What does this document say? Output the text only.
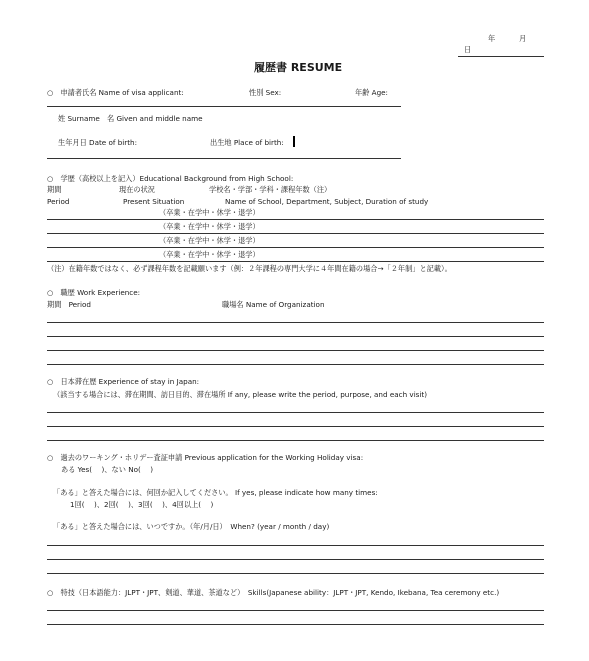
年	月
日
履歴書 RESUME
○　申請者氏名 Name of visa applicant:	性別 Sex:	年齢 Age:
姓 Surname　名 Given and middle name
生年月日 Date of birth:	出生地 Place of birth:
○　学歴（高校以上を記入）Educational Background from High School:
期間	現在の状況	学校名・学部・学科・課程年数（注）
Period	Present Situation	Name of School, Department, Subject, Duration of study
（卒業・在学中・休学・退学）
（卒業・在学中・休学・退学）
（卒業・在学中・休学・退学）
（卒業・在学中・休学・退学）
（注）在籍年数ではなく、必ず課程年数を記載願います（例：２年課程の専門大学に４年間在籍の場合→「２年制」と記載）。
○　職歴 Work Experience:
期間　Period	職場名 Name of Organization
○　日本滞在歴 Experience of stay in Japan:
（該当する場合には、滞在期間、訪日目的、滞在場所 If any, please write the period, purpose, and each visit)
○　過去のワーキング・ホリデー査証申請 Previous application for the Working Holiday visa:
ある Yes(　 )、ない No(　 )
「ある」と答えた場合には、何回か記入してください。 If yes, please indicate how many times:
1回(　 )、2回(　 )、3回(　 )、4回以上(　 )
「ある」と答えた場合には、いつですか。（年/月/日）　When? (year / month / day)
○　特技（日本語能力：JLPT・JPT、剣道、華道、茶道など）　Skills(Japanese ability：JLPT・JPT, Kendo, Ikebana, Tea ceremony etc.)
